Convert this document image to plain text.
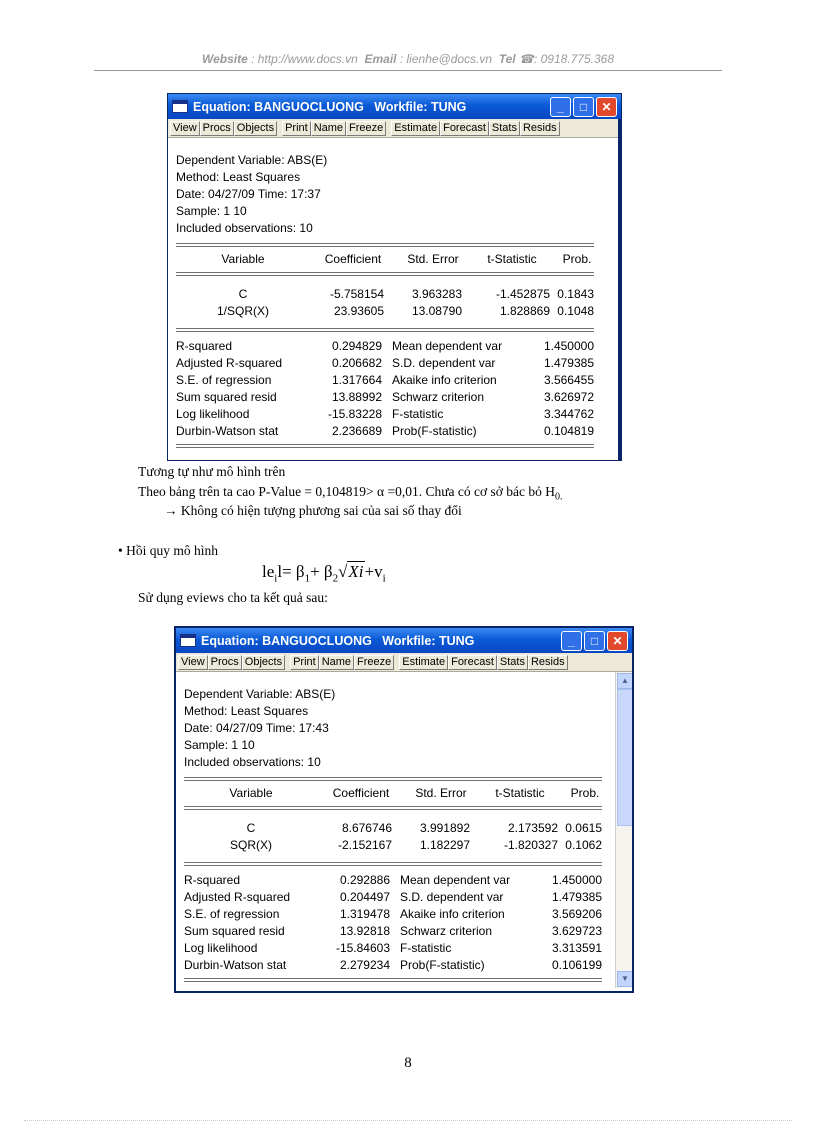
Website : http://www.docs.vn Email : lienhe@docs.vn Tel ☎: 0918.775.368
Equation: BANGUOCLUONG
Workfile: TUNG	_	□	✕
View Procs Objects Print Name Freeze Estimate Forecast Stats Resids
Dependent Variable: ABS(E)
Method: Least Squares
Date: 04/27/09 Time: 17:37
Sample: 1 10
Included observations: 10
Variable	Coefficient	Std. Error	t-Statistic	Prob.
C	-5.758154	3.963283	-1.452875 0.1843
1/SQR(X)	23.93605	13.08790	1.828869 0.1048
R-squared	0.294829 Mean dependent var	1.450000
Adjusted R-squared	0.206682 S.D. dependent var	1.479385
S.E. of regression	1.317664 Akaike info criterion	3.566455
Sum squared resid	13.88992 Schwarz criterion	3.626972
Log likelihood	-15.83228 F-statistic	3.344762
Durbin-Watson stat	2.236689 Prob(F-statistic)	0.104819
Tương tự như mô hình trên
Theo bảng trên ta cao P-Value = 0,104819> α =0,01. Chưa có cơ sở bác bỏ $H_{0.}$
→ Không có hiện tượng phương sai của sai số thay đổi
• Hồi quy mô hình
$le_il= \beta_1+ \beta_2√Xi+v_i$
Sử dụng eviews cho ta kết quả sau:
Equation: BANGUOCLUONG
Workfile: TUNG	_	□	✕
View Procs Objects Print Name Freeze Estimate Forecast Stats Resids
Dependent Variable: ABS(E)
Method: Least Squares
Date: 04/27/09 Time: 17:43
Sample: 1 10
Included observations: 10
Variable	Coefficient	Std. Error	t-Statistic	Prob.
C	8.676746	3.991892	2.173592 0.0615
SQR(X)	-2.152167	1.182297	-1.820327 0.1062
R-squared	0.292886 Mean dependent var	1.450000
Adjusted R-squared	0.204497 S.D. dependent var	1.479385
S.E. of regression	1.319478 Akaike info criterion	3.569206
Sum squared resid	13.92818 Schwarz criterion	3.629723
Log likelihood	-15.84603 F-statistic	3.313591
Durbin-Watson stat	2.279234 Prob(F-statistic)	0.106199
▲
▼
8
